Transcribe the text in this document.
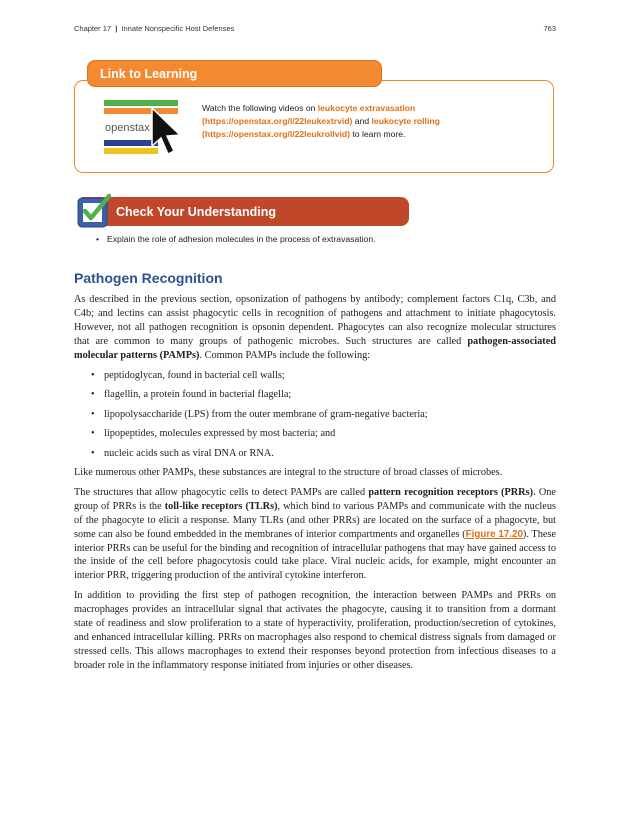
Chapter 17 | Innate Nonspecific Host Defenses	763
Link to Learning
openstax
Watch the following videos on leukocyte extravasation (https://openstax.org/l/22leukextrvid) and leukocyte rolling (https://openstax.org/l/22leukrollvid) to learn more.
Check Your Understanding
• Explain the role of adhesion molecules in the process of extravasation.
Pathogen Recognition

As described in the previous section, opsonization of pathogens by antibody; complement factors C1q, C3b, and C4b; and lectins can assist phagocytic cells in recognition of pathogens and attachment to initiate phagocytosis. However, not all pathogen recognition is opsonin dependent. Phagocytes can also recognize molecular structures that are common to many groups of pathogenic microbes. Such structures are called pathogen-associated molecular patterns (PAMPs). Common PAMPs include the following:

• peptidoglycan, found in bacterial cell walls;
• flagellin, a protein found in bacterial flagella;
• lipopolysaccharide (LPS) from the outer membrane of gram-negative bacteria;
• lipopeptides, molecules expressed by most bacteria; and
• nucleic acids such as viral DNA or RNA.

Like numerous other PAMPs, these substances are integral to the structure of broad classes of microbes.

The structures that allow phagocytic cells to detect PAMPs are called pattern recognition receptors (PRRs). One group of PRRs is the toll-like receptors (TLRs), which bind to various PAMPs and communicate with the nucleus of the phagocyte to elicit a response. Many TLRs (and other PRRs) are located on the surface of a phagocyte, but some can also be found embedded in the membranes of interior compartments and organelles (Figure 17.20). These interior PRRs can be useful for the binding and recognition of intracellular pathogens that may have gained access to the inside of the cell before phagocytosis could take place. Viral nucleic acids, for example, might encounter an interior PRR, triggering production of the antiviral cytokine interferon.

In addition to providing the first step of pathogen recognition, the interaction between PAMPs and PRRs on macrophages provides an intracellular signal that activates the phagocyte, causing it to transition from a dormant state of readiness and slow proliferation to a state of hyperactivity, proliferation, production/secretion of cytokines, and enhanced intracellular killing. PRRs on macrophages also respond to chemical distress signals from damaged or stressed cells. This allows macrophages to extend their responses beyond protection from infectious diseases to a broader role in the inflammatory response initiated from injuries or other diseases.
